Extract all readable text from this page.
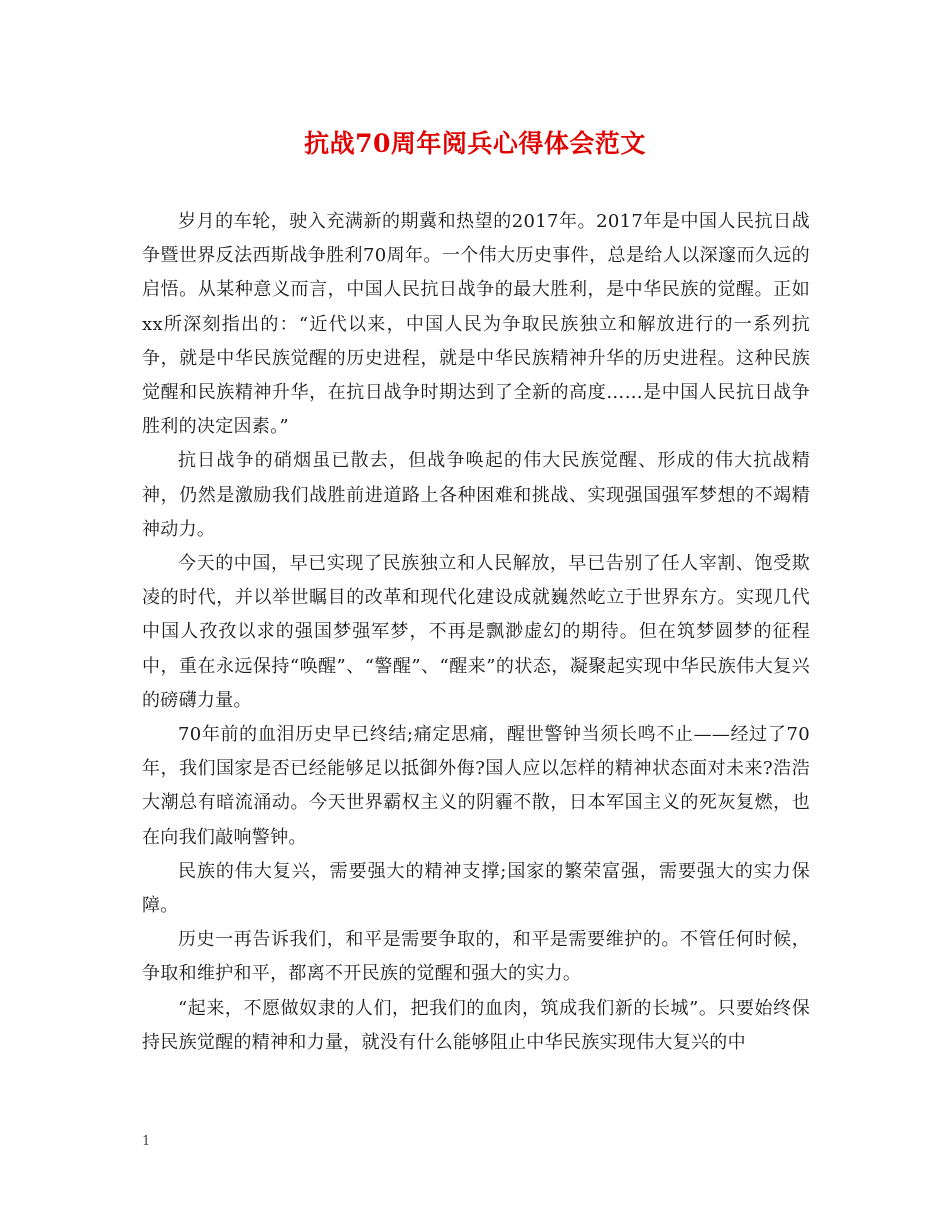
抗战70周年阅兵心得体会范文

岁月的车轮，驶入充满新的期冀和热望的2017年。2017年是中国人民抗日战争暨世界反法西斯战争胜利70周年。一个伟大历史事件，总是给人以深邃而久远的启悟。从某种意义而言，中国人民抗日战争的最大胜利，是中华民族的觉醒。正如xx所深刻指出的：“近代以来，中国人民为争取民族独立和解放进行的一系列抗争，就是中华民族觉醒的历史进程，就是中华民族精神升华的历史进程。这种民族觉醒和民族精神升华，在抗日战争时期达到了全新的高度……是中国人民抗日战争胜利的决定因素。”

抗日战争的硝烟虽已散去，但战争唤起的伟大民族觉醒、形成的伟大抗战精神，仍然是激励我们战胜前进道路上各种困难和挑战、实现强国强军梦想的不竭精神动力。

今天的中国，早已实现了民族独立和人民解放，早已告别了任人宰割、饱受欺凌的时代，并以举世瞩目的改革和现代化建设成就巍然屹立于世界东方。实现几代中国人孜孜以求的强国梦强军梦，不再是飘渺虚幻的期待。但在筑梦圆梦的征程中，重在永远保持“唤醒”、“警醒”、“醒来”的状态，凝聚起实现中华民族伟大复兴的磅礴力量。

70年前的血泪历史早已终结;痛定思痛，醒世警钟当须长鸣不止——经过了70年，我们国家是否已经能够足以抵御外侮?国人应以怎样的精神状态面对未来?浩浩大潮总有暗流涌动。今天世界霸权主义的阴霾不散，日本军国主义的死灰复燃，也在向我们敲响警钟。

民族的伟大复兴，需要强大的精神支撑;国家的繁荣富强，需要强大的实力保障。

历史一再告诉我们，和平是需要争取的，和平是需要维护的。不管任何时候，争取和维护和平，都离不开民族的觉醒和强大的实力。

“起来，不愿做奴隶的人们，把我们的血肉，筑成我们新的长城”。只要始终保持民族觉醒的精神和力量，就没有什么能够阻止中华民族实现伟大复兴的中

1
